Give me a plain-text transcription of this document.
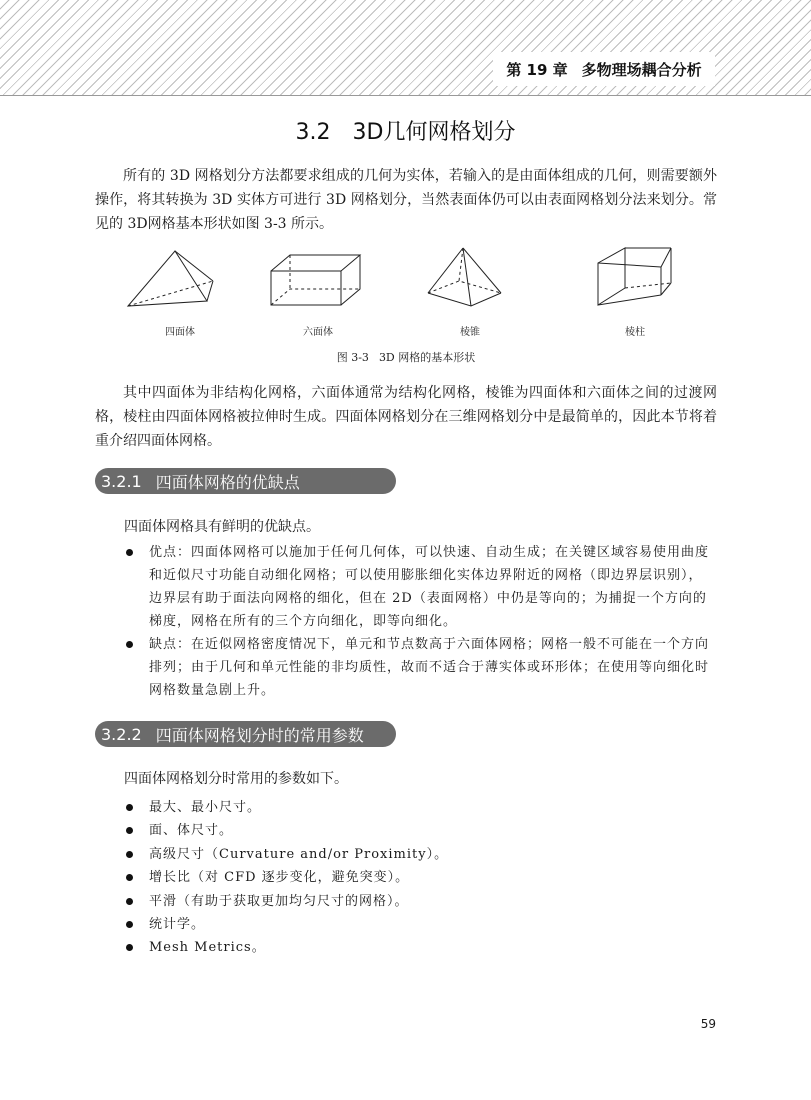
第 19 章 多物理场耦合分析
3.2 3D几何网格划分

所有的 3D 网格划分方法都要求组成的几何为实体，若输入的是由面体组成的几何，则需要额外操作，将其转换为 3D 实体方可进行 3D 网格划分，当然表面体仍可以由表面网格划分法来划分。常见的 3D网格基本形状如图 3-3 所示。

四面体	六面体	棱锥	棱柱
图 3-3 3D 网格的基本形状

其中四面体为非结构化网格，六面体通常为结构化网格，棱锥为四面体和六面体之间的过渡网格，棱柱由四面体网格被拉伸时生成。四面体网格划分在三维网格划分中是最简单的，因此本节将着重介绍四面体网格。

3.2.1 四面体网格的优缺点
四面体网格具有鲜明的优缺点。
优点：四面体网格可以施加于任何几何体，可以快速、自动生成；在关键区域容易使用曲度和近似尺寸功能自动细化网格；可以使用膨胀细化实体边界附近的网格（即边界层识别），边界层有助于面法向网格的细化，但在 2D（表面网格）中仍是等向的；为捕捉一个方向的梯度，网格在所有的三个方向细化，即等向细化。
缺点：在近似网格密度情况下，单元和节点数高于六面体网格；网格一般不可能在一个方向排列；由于几何和单元性能的非均质性，故而不适合于薄实体或环形体；在使用等向细化时网格数量急剧上升。
3.2.2 四面体网格划分时的常用参数
四面体网格划分时常用的参数如下。
最大、最小尺寸。
面、体尺寸。
高级尺寸（Curvature and/or Proximity）。
增长比（对 CFD 逐步变化，避免突变）。
平滑（有助于获取更加均匀尺寸的网格）。
统计学。
Mesh Metrics。
59
